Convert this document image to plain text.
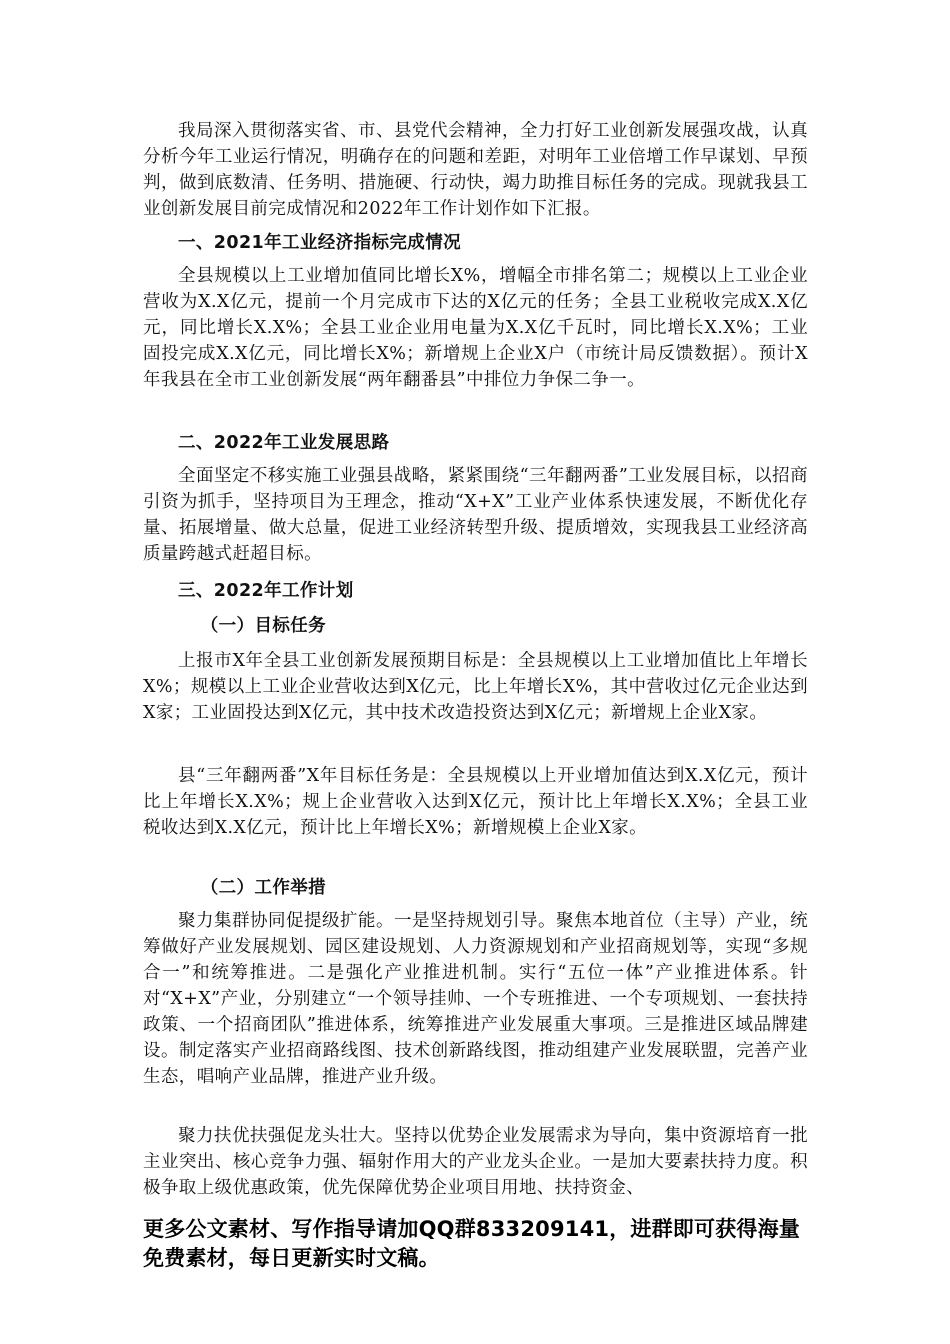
我局深入贯彻落实省、市、县党代会精神，全力打好工业创新发展强攻战，认真分析今年工业运行情况，明确存在的问题和差距，对明年工业倍增工作早谋划、早预判，做到底数清、任务明、措施硬、行动快，竭力助推目标任务的完成。现就我县工业创新发展目前完成情况和2022年工作计划作如下汇报。

一、2021年工业经济指标完成情况

全县规模以上工业增加值同比增长X%，增幅全市排名第二；规模以上工业企业营收为X.X亿元，提前一个月完成市下达的X亿元的任务；全县工业税收完成X.X亿元，同比增长X.X%；全县工业企业用电量为X.X亿千瓦时，同比增长X.X%；工业固投完成X.X亿元，同比增长X%；新增规上企业X户（市统计局反馈数据）。预计X年我县在全市工业创新发展“两年翻番县”中排位力争保二争一。

二、2022年工业发展思路

全面坚定不移实施工业强县战略，紧紧围绕“三年翻两番”工业发展目标，以招商引资为抓手，坚持项目为王理念，推动“X+X”工业产业体系快速发展，不断优化存量、拓展增量、做大总量，促进工业经济转型升级、提质增效，实现我县工业经济高质量跨越式赶超目标。

三、2022年工作计划

（一）目标任务

上报市X年全县工业创新发展预期目标是：全县规模以上工业增加值比上年增长X%；规模以上工业企业营收达到X亿元，比上年增长X%，其中营收过亿元企业达到X家；工业固投达到X亿元，其中技术改造投资达到X亿元；新增规上企业X家。

县“三年翻两番”X年目标任务是：全县规模以上开业增加值达到X.X亿元，预计比上年增长X.X%；规上企业营收入达到X亿元，预计比上年增长X.X%；全县工业税收达到X.X亿元，预计比上年增长X%；新增规模上企业X家。

（二）工作举措

聚力集群协同促提级扩能。一是坚持规划引导。聚焦本地首位（主导）产业，统筹做好产业发展规划、园区建设规划、人力资源规划和产业招商规划等，实现“多规合一”和统筹推进。二是强化产业推进机制。实行“五位一体”产业推进体系。针对“X+X”产业，分别建立“一个领导挂帅、一个专班推进、一个专项规划、一套扶持政策、一个招商团队”推进体系，统筹推进产业发展重大事项。三是推进区域品牌建设。制定落实产业招商路线图、技术创新路线图，推动组建产业发展联盟，完善产业生态，唱响产业品牌，推进产业升级。

聚力扶优扶强促龙头壮大。坚持以优势企业发展需求为导向，集中资源培育一批主业突出、核心竞争力强、辐射作用大的产业龙头企业。一是加大要素扶持力度。积极争取上级优惠政策，优先保障优势企业项目用地、扶持资金、

更多公文素材、写作指导请加QQ群833209141，进群即可获得海量免费素材，每日更新实时文稿。
